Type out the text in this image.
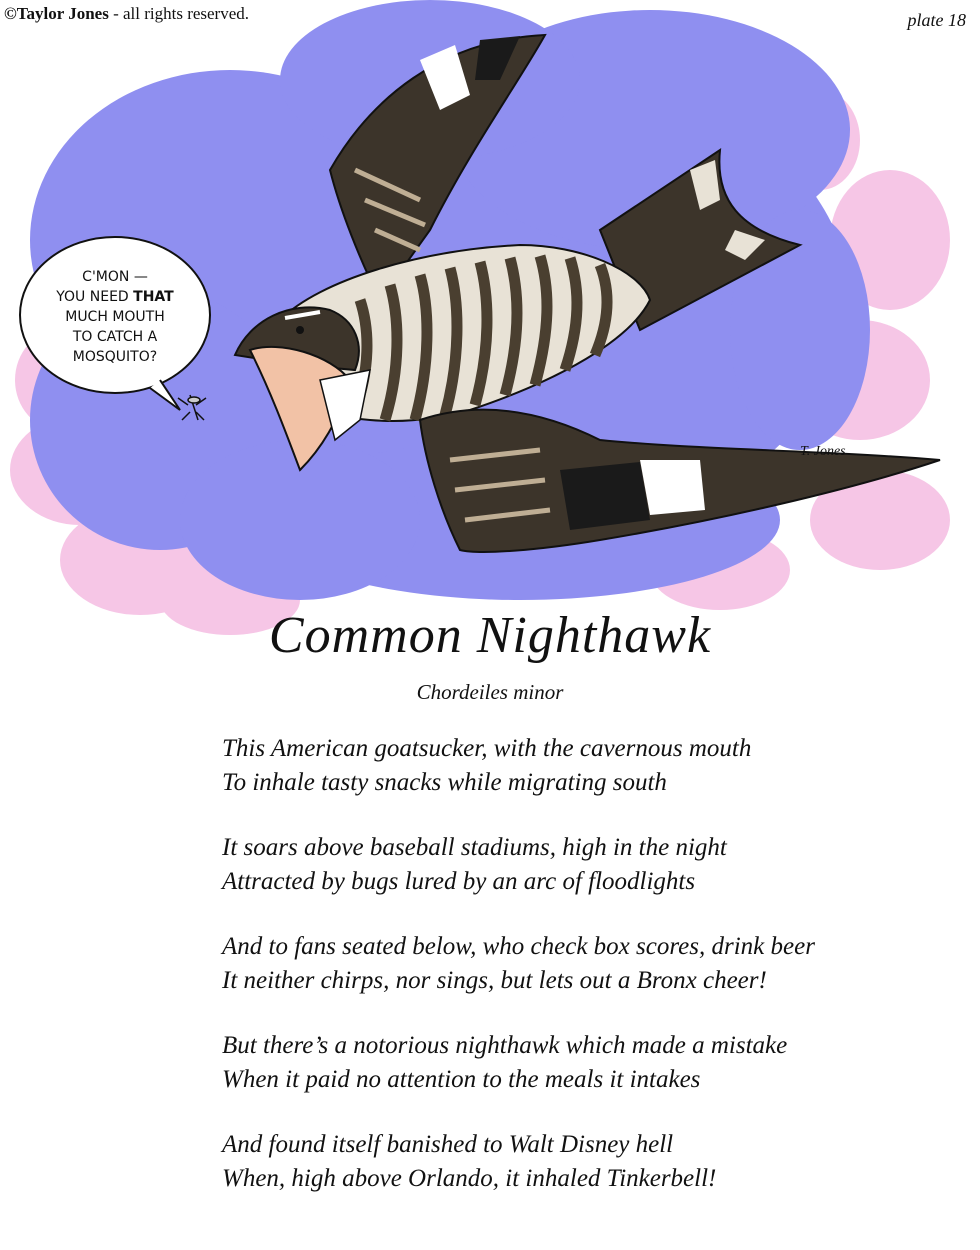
©Taylor Jones - all rights reserved.	plate 18
C'MON —
YOU NEED THAT
MUCH MOUTH
TO CATCH A
MOSQUITO?
T. Jones
Common Nighthawk
Chordeiles minor
This American goatsucker, with the cavernous mouth
To inhale tasty snacks while migrating south
It soars above baseball stadiums, high in the night
Attracted by bugs lured by an arc of floodlights
And to fans seated below, who check box scores, drink beer
It neither chirps, nor sings, but lets out a Bronx cheer!
But there’s a notorious nighthawk which made a mistake
When it paid no attention to the meals it intakes
And found itself banished to Walt Disney hell
When, high above Orlando, it inhaled Tinkerbell!
